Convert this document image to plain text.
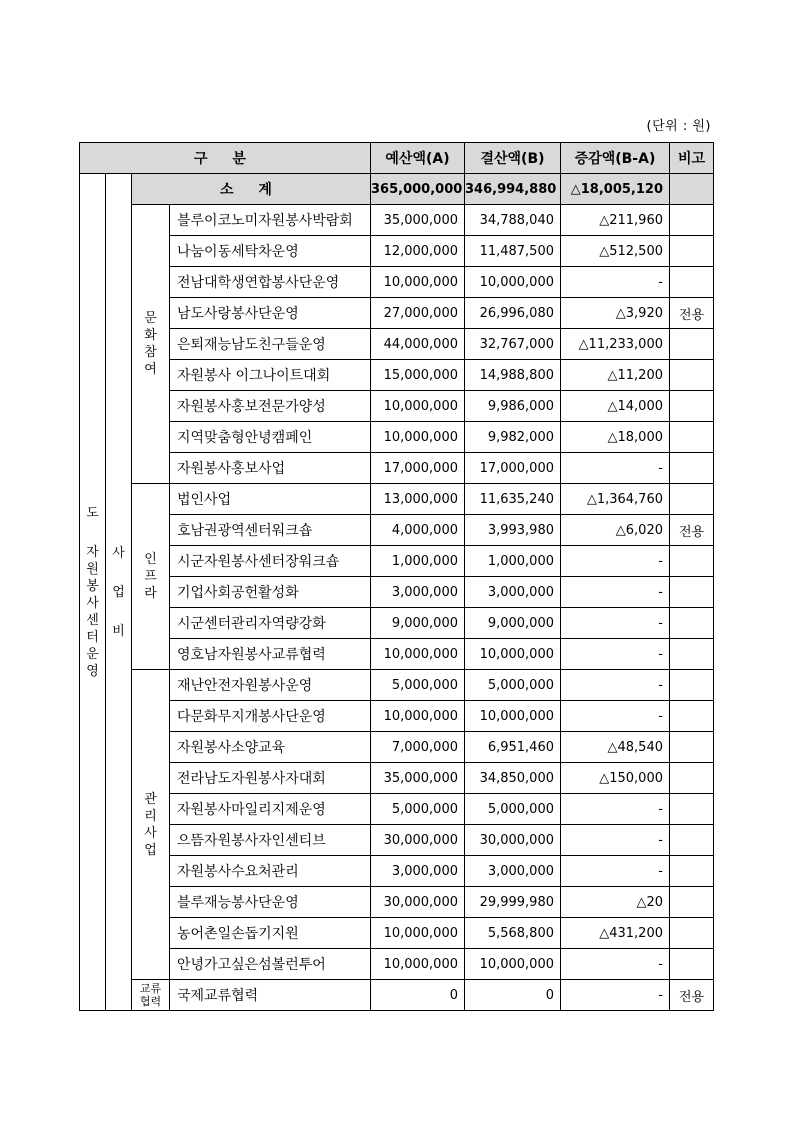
(단위 : 원)
구 분				예산액(A)	결산액(B)	증감액(B-A)	비고
도자원봉사센터운영	사업비	소 계		365,000,000	346,994,880	△18,005,120	
		문화참여	블루이코노미자원봉사박람회	35,000,000	34,788,040	△211,960	
			나눔이동세탁차운영	12,000,000	11,487,500	△512,500	
			전남대학생연합봉사단운영	10,000,000	10,000,000	-	
			남도사랑봉사단운영	27,000,000	26,996,080	△3,920	전용
			은퇴재능남도친구들운영	44,000,000	32,767,000	△11,233,000	
			자원봉사 이그나이트대회	15,000,000	14,988,800	△11,200	
			자원봉사홍보전문가양성	10,000,000	9,986,000	△14,000	
			지역맞춤형안녕캠페인	10,000,000	9,982,000	△18,000	
			자원봉사홍보사업	17,000,000	17,000,000	-	
		인프라	법인사업	13,000,000	11,635,240	△1,364,760	
			호남권광역센터워크숍	4,000,000	3,993,980	△6,020	전용
			시군자원봉사센터장워크숍	1,000,000	1,000,000	-	
			기업사회공헌활성화	3,000,000	3,000,000	-	
			시군센터관리자역량강화	9,000,000	9,000,000	-	
			영호남자원봉사교류협력	10,000,000	10,000,000	-	
		관리사업	재난안전자원봉사운영	5,000,000	5,000,000	-	
			다문화무지개봉사단운영	10,000,000	10,000,000	-	
			자원봉사소양교육	7,000,000	6,951,460	△48,540	
			전라남도자원봉사자대회	35,000,000	34,850,000	△150,000	
			자원봉사마일리지제운영	5,000,000	5,000,000	-	
			으뜸자원봉사자인센티브	30,000,000	30,000,000	-	
			자원봉사수요처관리	3,000,000	3,000,000	-	
			블루재능봉사단운영	30,000,000	29,999,980	△20	
			농어촌일손돕기지원	10,000,000	5,568,800	△431,200	
			안녕가고싶은섬볼런투어	10,000,000	10,000,000	-	
		교류협력	국제교류협력	0	0	-	전용
